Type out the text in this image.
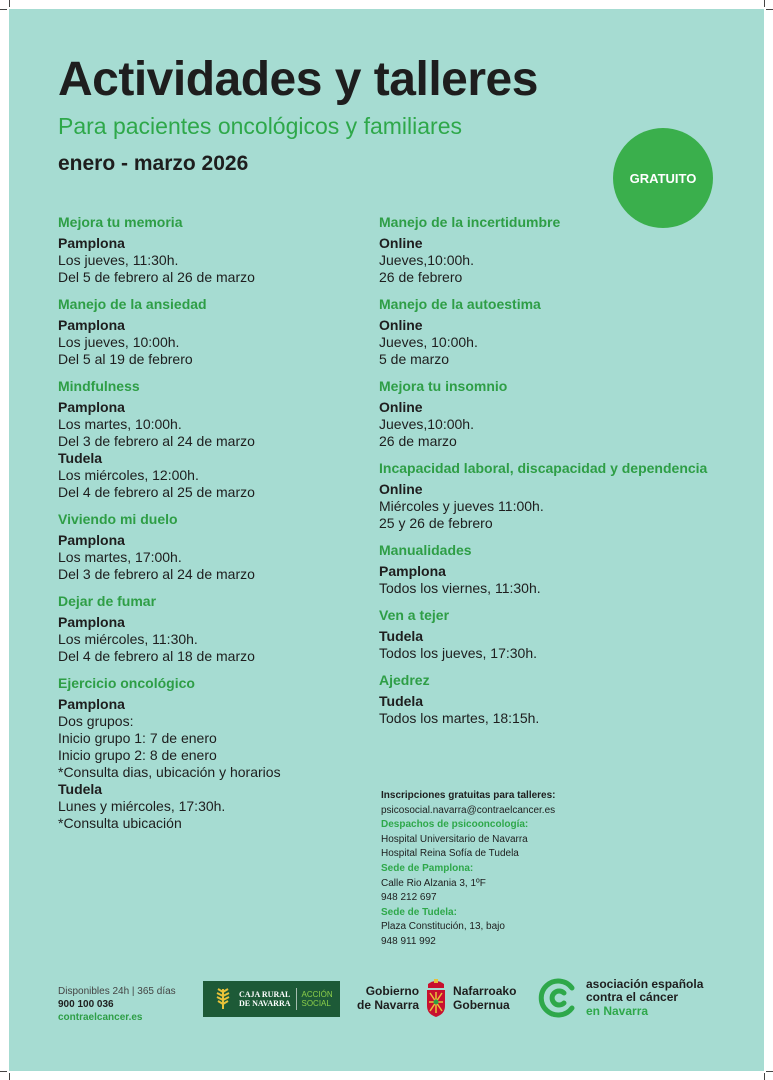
Actividades y talleres
Para pacientes oncológicos y familiares
enero - marzo 2026
GRATUITO
Mejora tu memoria
Pamplona
Los jueves, 11:30h.
Del 5 de febrero al 26 de marzo
Manejo de la ansiedad
Pamplona
Los jueves, 10:00h.
Del 5 al 19 de febrero
Mindfulness
Pamplona
Los martes, 10:00h.
Del 3 de febrero al 24 de marzo
Tudela
Los miércoles, 12:00h.
Del 4 de febrero al 25 de marzo
Viviendo mi duelo
Pamplona
Los martes, 17:00h.
Del 3 de febrero al 24 de marzo
Dejar de fumar
Pamplona
Los miércoles, 11:30h.
Del 4 de febrero al 18 de marzo
Ejercicio oncológico
Pamplona
Dos grupos:
Inicio grupo 1: 7 de enero
Inicio grupo 2: 8 de enero
*Consulta dias, ubicación y horarios
Tudela
Lunes y miércoles, 17:30h.
*Consulta ubicación
Manejo de la incertidumbre
Online
Jueves,10:00h.
26 de febrero
Manejo de la autoestima
Online
Jueves, 10:00h.
5 de marzo
Mejora tu insomnio
Online
Jueves,10:00h.
26 de marzo
Incapacidad laboral, discapacidad y dependencia
Online
Miércoles y jueves 11:00h.
25 y 26 de febrero
Manualidades
Pamplona
Todos los viernes, 11:30h.
Ven a tejer
Tudela
Todos los jueves, 17:30h.
Ajedrez
Tudela
Todos los martes, 18:15h.
Inscripciones gratuitas para talleres:
psicosocial.navarra@contraelcancer.es
Despachos de psicooncología:
Hospital Universitario de Navarra
Hospital Reina Sofía de Tudela
Sede de Pamplona:
Calle Rio Alzania 3, 1ºF
948 212 697
Sede de Tudela:
Plaza Constitución, 13, bajo
948 911 992
Disponibles 24h | 365 días
900 100 036
contraelcancer.es
CAJA RURAL
DE NAVARRA
ACCIÓN
SOCIAL
Gobierno
de Navarra
Nafarroako
Gobernua
asociación española
contra el cáncer
en Navarra
